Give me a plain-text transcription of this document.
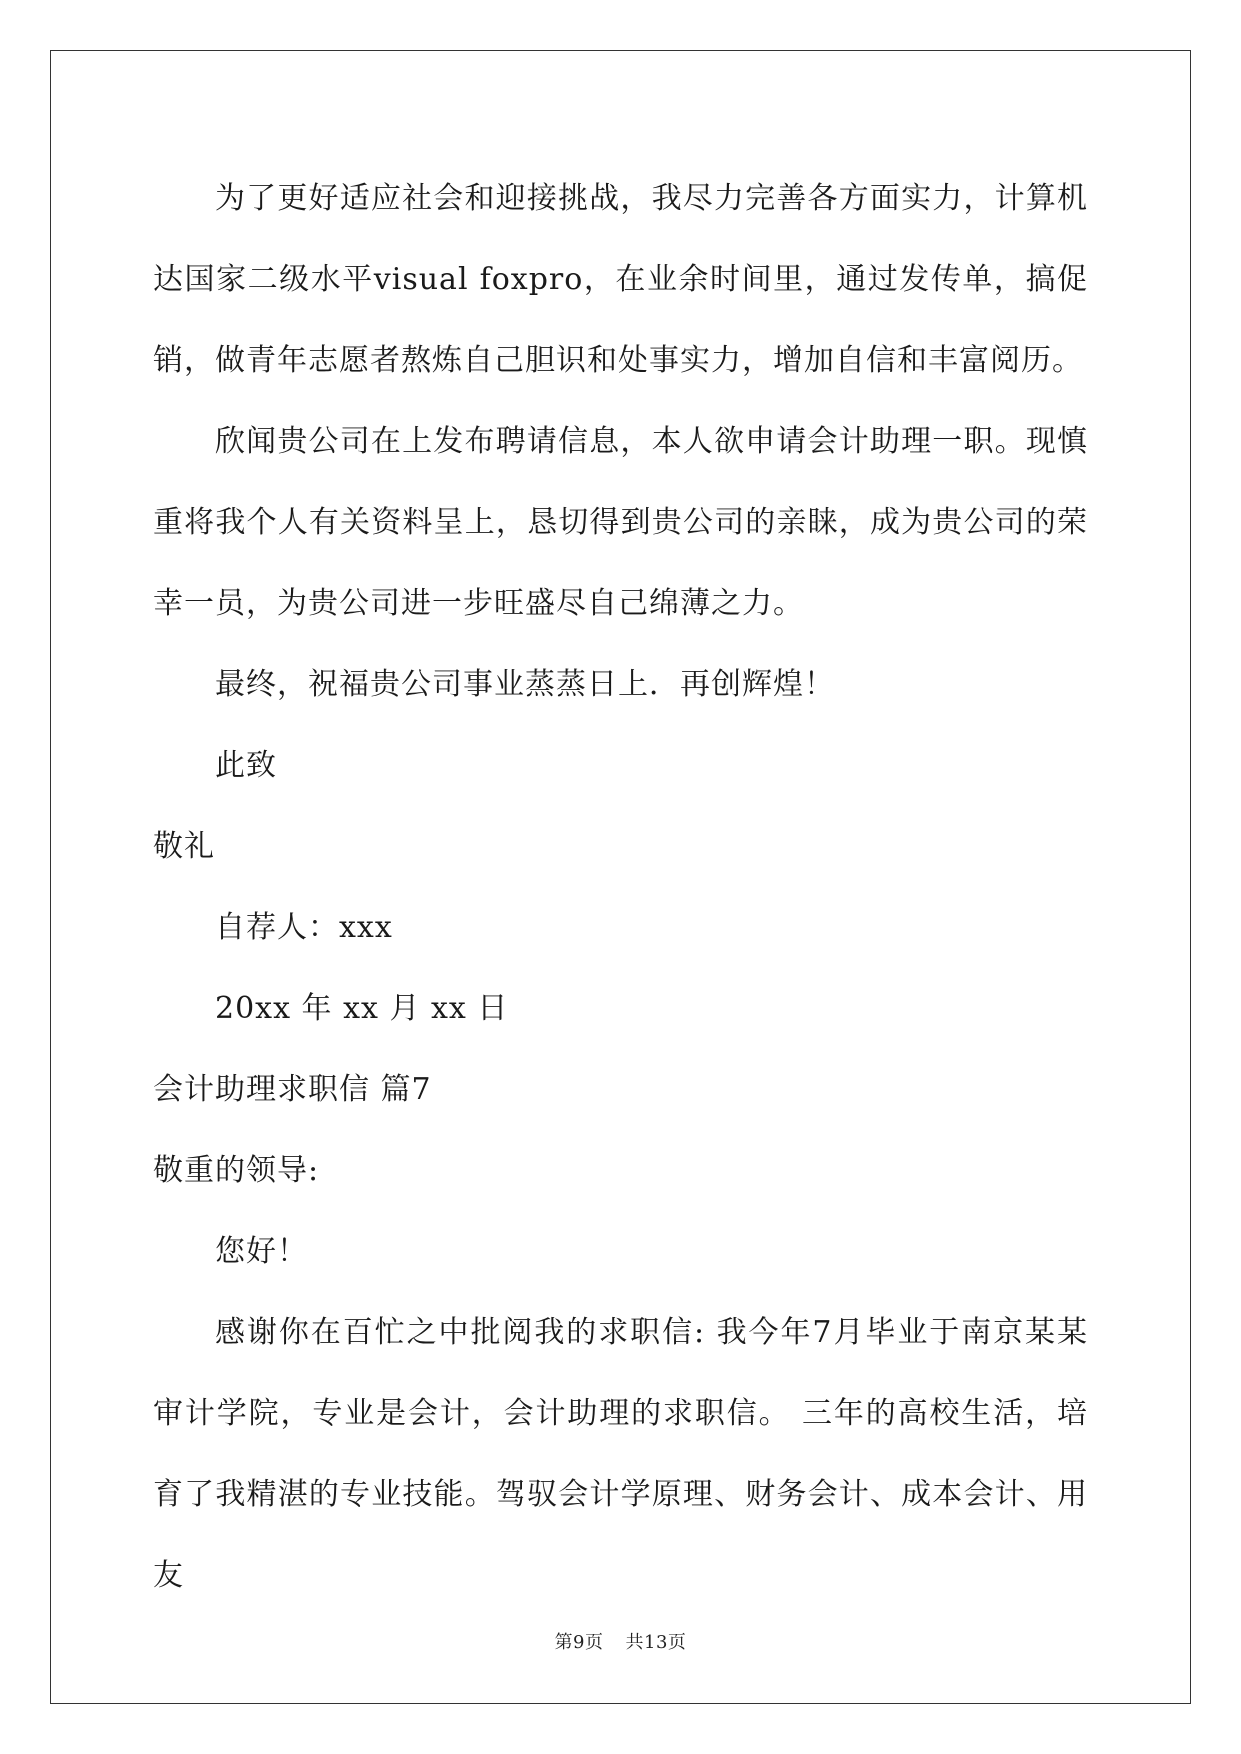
为了更好适应社会和迎接挑战，我尽力完善各方面实力，计算机达国家二级水平visual foxpro，在业余时间里，通过发传单，搞促销，做青年志愿者熬炼自己胆识和处事实力，增加自信和丰富阅历。

欣闻贵公司在上发布聘请信息，本人欲申请会计助理一职。现慎重将我个人有关资料呈上，恳切得到贵公司的亲睐，成为贵公司的荣幸一员，为贵公司进一步旺盛尽自己绵薄之力。

最终，祝福贵公司事业蒸蒸日上．再创辉煌！

此致

敬礼

自荐人：xxx

20xx 年 xx 月 xx 日

会计助理求职信 篇7

敬重的领导:

您好！

感谢你在百忙之中批阅我的求职信: 我今年7月毕业于南京某某审计学院，专业是会计，会计助理的求职信。 三年的高校生活，培育了我精湛的专业技能。驾驭会计学原理、财务会计、成本会计、用友

第9页 共13页
